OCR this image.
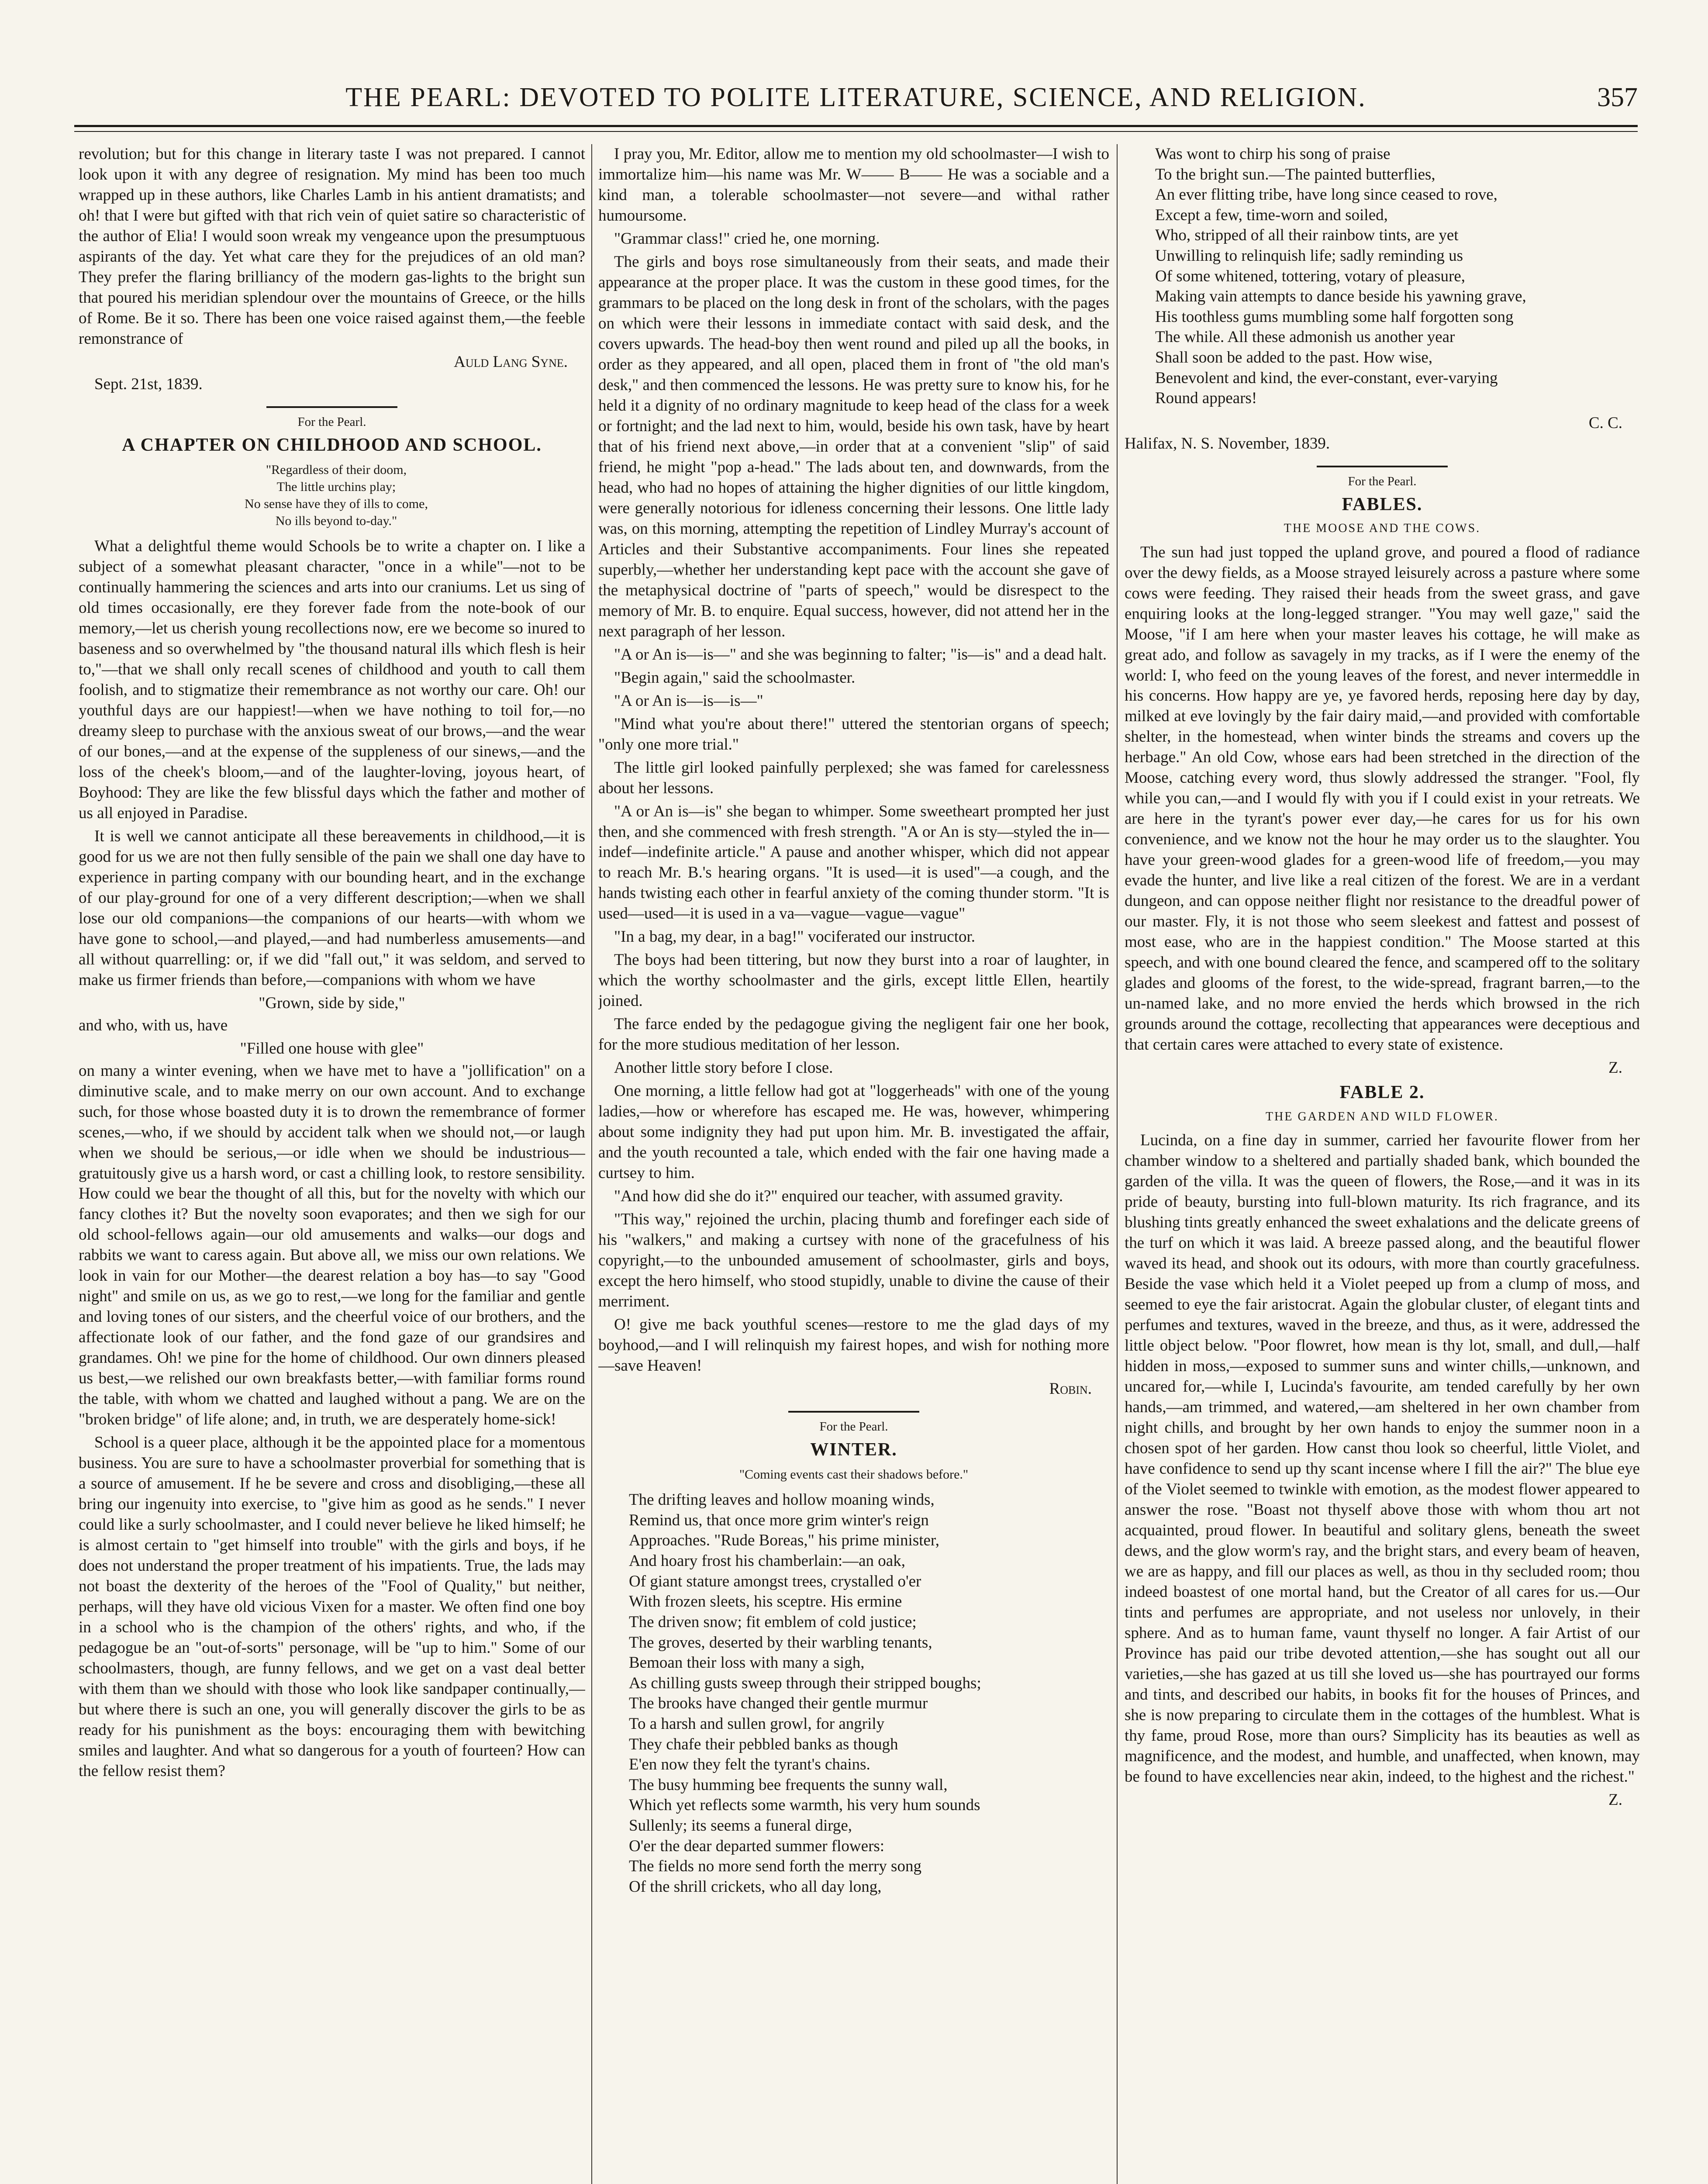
THE PEARL: DEVOTED TO POLITE LITERATURE, SCIENCE, AND RELIGION.	357

revolution; but for this change in literary taste I was not prepared. I cannot look upon it with any degree of resignation. My mind has been too much wrapped up in these authors, like Charles Lamb in his antient dramatists; and oh! that I were but gifted with that rich vein of quiet satire so characteristic of the author of Elia! I would soon wreak my vengeance upon the presumptuous aspirants of the day. Yet what care they for the prejudices of an old man? They prefer the flaring brilliancy of the modern gas-lights to the bright sun that poured his meridian splendour over the mountains of Greece, or the hills of Rome. Be it so. There has been one voice raised against them,—the feeble remonstrance of

Auld Lang Syne.
Sept. 21st, 1839.
For the Pearl.
A CHAPTER ON CHILDHOOD AND SCHOOL.
"Regardless of their doom,
The little urchins play;
No sense have they of ills to come,
No ills beyond to-day."

What a delightful theme would Schools be to write a chapter on. I like a subject of a somewhat pleasant character, "once in a while"—not to be continually hammering the sciences and arts into our craniums. Let us sing of old times occasionally, ere they forever fade from the note-book of our memory,—let us cherish young recollections now, ere we become so inured to baseness and so overwhelmed by "the thousand natural ills which flesh is heir to,"—that we shall only recall scenes of childhood and youth to call them foolish, and to stigmatize their remembrance as not worthy our care. Oh! our youthful days are our happiest!—when we have nothing to toil for,—no dreamy sleep to purchase with the anxious sweat of our brows,—and the wear of our bones,—and at the expense of the suppleness of our sinews,—and the loss of the cheek's bloom,—and of the laughter-loving, joyous heart, of Boyhood: They are like the few blissful days which the father and mother of us all enjoyed in Paradise.

It is well we cannot anticipate all these bereavements in childhood,—it is good for us we are not then fully sensible of the pain we shall one day have to experience in parting company with our bounding heart, and in the exchange of our play-ground for one of a very different description;—when we shall lose our old companions—the companions of our hearts—with whom we have gone to school,—and played,—and had numberless amusements—and all without quarrelling: or, if we did "fall out," it was seldom, and served to make us firmer friends than before,—companions with whom we have

"Grown, side by side,"

and who, with us, have

"Filled one house with glee"

on many a winter evening, when we have met to have a "jollification" on a diminutive scale, and to make merry on our own account. And to exchange such, for those whose boasted duty it is to drown the remembrance of former scenes,—who, if we should by accident talk when we should not,—or laugh when we should be serious,—or idle when we should be industrious—gratuitously give us a harsh word, or cast a chilling look, to restore sensibility. How could we bear the thought of all this, but for the novelty with which our fancy clothes it? But the novelty soon evaporates; and then we sigh for our old school-fellows again—our old amusements and walks—our dogs and rabbits we want to caress again. But above all, we miss our own relations. We look in vain for our Mother—the dearest relation a boy has—to say "Good night" and smile on us, as we go to rest,—we long for the familiar and gentle and loving tones of our sisters, and the cheerful voice of our brothers, and the affectionate look of our father, and the fond gaze of our grandsires and grandames. Oh! we pine for the home of childhood. Our own dinners pleased us best,—we relished our own breakfasts better,—with familiar forms round the table, with whom we chatted and laughed without a pang. We are on the "broken bridge" of life alone; and, in truth, we are desperately home-sick!

School is a queer place, although it be the appointed place for a momentous business. You are sure to have a schoolmaster proverbial for something that is a source of amusement. If he be severe and cross and disobliging,—these all bring our ingenuity into exercise, to "give him as good as he sends." I never could like a surly schoolmaster, and I could never believe he liked himself; he is almost certain to "get himself into trouble" with the girls and boys, if he does not understand the proper treatment of his impatients. True, the lads may not boast the dexterity of the heroes of the "Fool of Quality," but neither, perhaps, will they have old vicious Vixen for a master. We often find one boy in a school who is the champion of the others' rights, and who, if the pedagogue be an "out-of-sorts" personage, will be "up to him." Some of our schoolmasters, though, are funny fellows, and we get on a vast deal better with them than we should with those who look like sandpaper continually,—but where there is such an one, you will generally discover the girls to be as ready for his punishment as the boys: encouraging them with bewitching smiles and laughter. And what so dangerous for a youth of fourteen? How can the fellow resist them?

I pray you, Mr. Editor, allow me to mention my old schoolmaster—I wish to immortalize him—his name was Mr. W—— B—— He was a sociable and a kind man, a tolerable schoolmaster—not severe—and withal rather humoursome.

"Grammar class!" cried he, one morning.

The girls and boys rose simultaneously from their seats, and made their appearance at the proper place. It was the custom in these good times, for the grammars to be placed on the long desk in front of the scholars, with the pages on which were their lessons in immediate contact with said desk, and the covers upwards. The head-boy then went round and piled up all the books, in order as they appeared, and all open, placed them in front of "the old man's desk," and then commenced the lessons. He was pretty sure to know his, for he held it a dignity of no ordinary magnitude to keep head of the class for a week or fortnight; and the lad next to him, would, beside his own task, have by heart that of his friend next above,—in order that at a convenient "slip" of said friend, he might "pop a-head." The lads about ten, and downwards, from the head, who had no hopes of attaining the higher dignities of our little kingdom, were generally notorious for idleness concerning their lessons. One little lady was, on this morning, attempting the repetition of Lindley Murray's account of Articles and their Substantive accompaniments. Four lines she repeated superbly,—whether her understanding kept pace with the account she gave of the metaphysical doctrine of "parts of speech," would be disrespect to the memory of Mr. B. to enquire. Equal success, however, did not attend her in the next paragraph of her lesson.

"A or An is—is—" and she was beginning to falter; "is—is" and a dead halt.

"Begin again," said the schoolmaster.

"A or An is—is—is—"

"Mind what you're about there!" uttered the stentorian organs of speech; "only one more trial."

The little girl looked painfully perplexed; she was famed for carelessness about her lessons.

"A or An is—is" she began to whimper. Some sweetheart prompted her just then, and she commenced with fresh strength. "A or An is sty—styled the in—indef—indefinite article." A pause and another whisper, which did not appear to reach Mr. B.'s hearing organs. "It is used—it is used"—a cough, and the hands twisting each other in fearful anxiety of the coming thunder storm. "It is used—used—it is used in a va—vague—vague—vague"

"In a bag, my dear, in a bag!" vociferated our instructor.

The boys had been tittering, but now they burst into a roar of laughter, in which the worthy schoolmaster and the girls, except little Ellen, heartily joined.

The farce ended by the pedagogue giving the negligent fair one her book, for the more studious meditation of her lesson.

Another little story before I close.

One morning, a little fellow had got at "loggerheads" with one of the young ladies,—how or wherefore has escaped me. He was, however, whimpering about some indignity they had put upon him. Mr. B. investigated the affair, and the youth recounted a tale, which ended with the fair one having made a curtsey to him.

"And how did she do it?" enquired our teacher, with assumed gravity.

"This way," rejoined the urchin, placing thumb and forefinger each side of his "walkers," and making a curtsey with none of the gracefulness of his copyright,—to the unbounded amusement of schoolmaster, girls and boys, except the hero himself, who stood stupidly, unable to divine the cause of their merriment.

O! give me back youthful scenes—restore to me the glad days of my boyhood,—and I will relinquish my fairest hopes, and wish for nothing more—save Heaven!

Robin.
For the Pearl.
WINTER.
"Coming events cast their shadows before."
The drifting leaves and hollow moaning winds,
Remind us, that once more grim winter's reign
Approaches. "Rude Boreas," his prime minister,
And hoary frost his chamberlain:—an oak,
Of giant stature amongst trees, crystalled o'er
With frozen sleets, his sceptre. His ermine
The driven snow; fit emblem of cold justice;
The groves, deserted by their warbling tenants,
Bemoan their loss with many a sigh,
As chilling gusts sweep through their stripped boughs;
The brooks have changed their gentle murmur
To a harsh and sullen growl, for angrily
They chafe their pebbled banks as though
E'en now they felt the tyrant's chains.
The busy humming bee frequents the sunny wall,
Which yet reflects some warmth, his very hum sounds
Sullenly; its seems a funeral dirge,
O'er the dear departed summer flowers:
The fields no more send forth the merry song
Of the shrill crickets, who all day long,
Was wont to chirp his song of praise
To the bright sun.—The painted butterflies,
An ever flitting tribe, have long since ceased to rove,
Except a few, time-worn and soiled,
Who, stripped of all their rainbow tints, are yet
Unwilling to relinquish life; sadly reminding us
Of some whitened, tottering, votary of pleasure,
Making vain attempts to dance beside his yawning grave,
His toothless gums mumbling some half forgotten song
The while. All these admonish us another year
Shall soon be added to the past. How wise,
Benevolent and kind, the ever-constant, ever-varying
Round appears!
C. C.

Halifax, N. S. November, 1839.

For the Pearl.
FABLES.
THE MOOSE AND THE COWS.

The sun had just topped the upland grove, and poured a flood of radiance over the dewy fields, as a Moose strayed leisurely across a pasture where some cows were feeding. They raised their heads from the sweet grass, and gave enquiring looks at the long-legged stranger. "You may well gaze," said the Moose, "if I am here when your master leaves his cottage, he will make as great ado, and follow as savagely in my tracks, as if I were the enemy of the world: I, who feed on the young leaves of the forest, and never intermeddle in his concerns. How happy are ye, ye favored herds, reposing here day by day, milked at eve lovingly by the fair dairy maid,—and provided with comfortable shelter, in the homestead, when winter binds the streams and covers up the herbage." An old Cow, whose ears had been stretched in the direction of the Moose, catching every word, thus slowly addressed the stranger. "Fool, fly while you can,—and I would fly with you if I could exist in your retreats. We are here in the tyrant's power ever day,—he cares for us for his own convenience, and we know not the hour he may order us to the slaughter. You have your green-wood glades for a green-wood life of freedom,—you may evade the hunter, and live like a real citizen of the forest. We are in a verdant dungeon, and can oppose neither flight nor resistance to the dreadful power of our master. Fly, it is not those who seem sleekest and fattest and possest of most ease, who are in the happiest condition." The Moose started at this speech, and with one bound cleared the fence, and scampered off to the solitary glades and glooms of the forest, to the wide-spread, fragrant barren,—to the un-named lake, and no more envied the herds which browsed in the rich grounds around the cottage, recollecting that appearances were deceptious and that certain cares were attached to every state of existence.

Z.
FABLE 2.
THE GARDEN AND WILD FLOWER.

Lucinda, on a fine day in summer, carried her favourite flower from her chamber window to a sheltered and partially shaded bank, which bounded the garden of the villa. It was the queen of flowers, the Rose,—and it was in its pride of beauty, bursting into full-blown maturity. Its rich fragrance, and its blushing tints greatly enhanced the sweet exhalations and the delicate greens of the turf on which it was laid. A breeze passed along, and the beautiful flower waved its head, and shook out its odours, with more than courtly gracefulness. Beside the vase which held it a Violet peeped up from a clump of moss, and seemed to eye the fair aristocrat. Again the globular cluster, of elegant tints and perfumes and textures, waved in the breeze, and thus, as it were, addressed the little object below. "Poor flowret, how mean is thy lot, small, and dull,—half hidden in moss,—exposed to summer suns and winter chills,—unknown, and uncared for,—while I, Lucinda's favourite, am tended carefully by her own hands,—am trimmed, and watered,—am sheltered in her own chamber from night chills, and brought by her own hands to enjoy the summer noon in a chosen spot of her garden. How canst thou look so cheerful, little Violet, and have confidence to send up thy scant incense where I fill the air?" The blue eye of the Violet seemed to twinkle with emotion, as the modest flower appeared to answer the rose. "Boast not thyself above those with whom thou art not acquainted, proud flower. In beautiful and solitary glens, beneath the sweet dews, and the glow worm's ray, and the bright stars, and every beam of heaven, we are as happy, and fill our places as well, as thou in thy secluded room; thou indeed boastest of one mortal hand, but the Creator of all cares for us.—Our tints and perfumes are appropriate, and not useless nor unlovely, in their sphere. And as to human fame, vaunt thyself no longer. A fair Artist of our Province has paid our tribe devoted attention,—she has sought out all our varieties,—she has gazed at us till she loved us—she has pourtrayed our forms and tints, and described our habits, in books fit for the houses of Princes, and she is now preparing to circulate them in the cottages of the humblest. What is thy fame, proud Rose, more than ours? Simplicity has its beauties as well as magnificence, and the modest, and humble, and unaffected, when known, may be found to have excellencies near akin, indeed, to the highest and the richest."

Z.
